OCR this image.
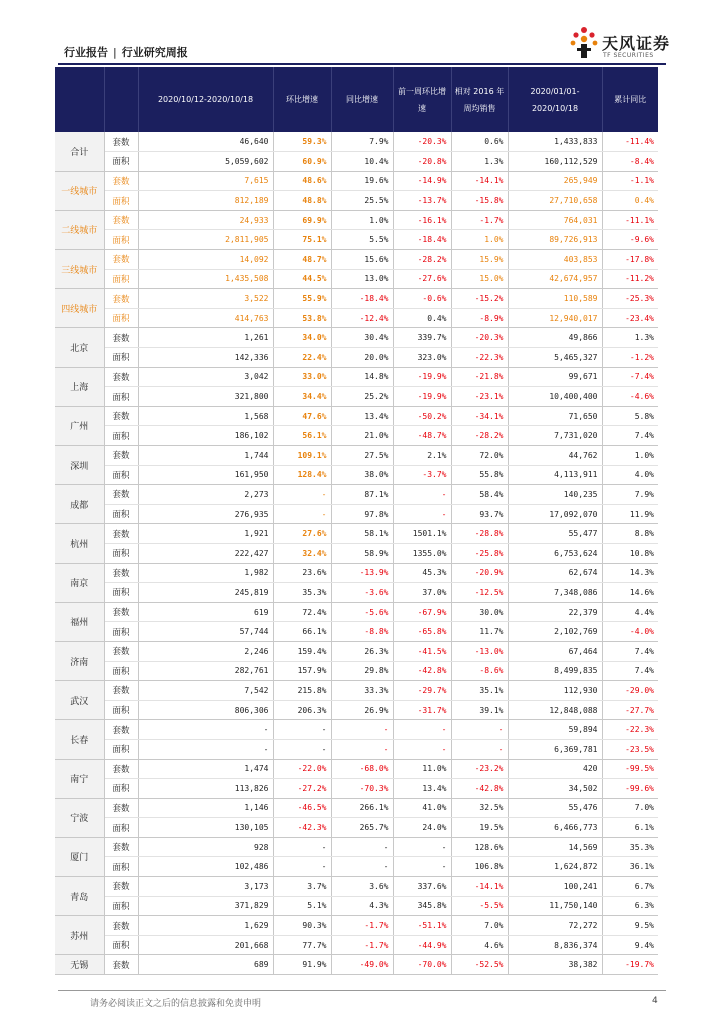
行业报告 | 行业研究周报	天风证券
TF SECURITIES
		2020/10/12-2020/10/18	环比增速	同比增速	前一周环比增速	相对 2016 年周均销售	2020/01/01-2020/10/18	累计同比
合计	套数	46,640	59.3%	7.9%	-20.3%	0.6%	1,433,833	-11.4%
	面积	5,059,602	60.9%	10.4%	-20.8%	1.3%	160,112,529	-8.4%
一线城市	套数	7,615	48.6%	19.6%	-14.9%	-14.1%	265,949	-1.1%
	面积	812,189	48.8%	25.5%	-13.7%	-15.8%	27,710,658	0.4%
二线城市	套数	24,933	69.9%	1.0%	-16.1%	-1.7%	764,031	-11.1%
	面积	2,811,905	75.1%	5.5%	-18.4%	1.0%	89,726,913	-9.6%
三线城市	套数	14,092	48.7%	15.6%	-28.2%	15.9%	403,853	-17.8%
	面积	1,435,508	44.5%	13.0%	-27.6%	15.0%	42,674,957	-11.2%
四线城市	套数	3,522	55.9%	-18.4%	-0.6%	-15.2%	110,589	-25.3%
	面积	414,763	53.8%	-12.4%	0.4%	-8.9%	12,940,017	-23.4%
北京	套数	1,261	34.0%	30.4%	339.7%	-20.3%	49,866	1.3%
	面积	142,336	22.4%	20.0%	323.0%	-22.3%	5,465,327	-1.2%
上海	套数	3,042	33.0%	14.8%	-19.9%	-21.8%	99,671	-7.4%
	面积	321,800	34.4%	25.2%	-19.9%	-23.1%	10,400,400	-4.6%
广州	套数	1,568	47.6%	13.4%	-50.2%	-34.1%	71,650	5.8%
	面积	186,102	56.1%	21.0%	-48.7%	-28.2%	7,731,020	7.4%
深圳	套数	1,744	109.1%	27.5%	2.1%	72.0%	44,762	1.0%
	面积	161,950	128.4%	38.0%	-3.7%	55.8%	4,113,911	4.0%
成都	套数	2,273	-	87.1%	-	58.4%	140,235	7.9%
	面积	276,935	-	97.8%	-	93.7%	17,092,070	11.9%
杭州	套数	1,921	27.6%	58.1%	1501.1%	-28.8%	55,477	8.8%
	面积	222,427	32.4%	58.9%	1355.0%	-25.8%	6,753,624	10.8%
南京	套数	1,982	23.6%	-13.9%	45.3%	-20.9%	62,674	14.3%
	面积	245,819	35.3%	-3.6%	37.0%	-12.5%	7,348,086	14.6%
福州	套数	619	72.4%	-5.6%	-67.9%	30.0%	22,379	4.4%
	面积	57,744	66.1%	-8.8%	-65.8%	11.7%	2,102,769	-4.0%
济南	套数	2,246	159.4%	26.3%	-41.5%	-13.0%	67,464	7.4%
	面积	282,761	157.9%	29.8%	-42.8%	-8.6%	8,499,835	7.4%
武汉	套数	7,542	215.8%	33.3%	-29.7%	35.1%	112,930	-29.0%
	面积	806,306	206.3%	26.9%	-31.7%	39.1%	12,848,088	-27.7%
长春	套数	-	-	-	-	-	59,894	-22.3%
	面积	-	-	-	-	-	6,369,781	-23.5%
南宁	套数	1,474	-22.0%	-68.0%	11.0%	-23.2%	420	-99.5%
	面积	113,826	-27.2%	-70.3%	13.4%	-42.8%	34,502	-99.6%
宁波	套数	1,146	-46.5%	266.1%	41.0%	32.5%	55,476	7.0%
	面积	130,105	-42.3%	265.7%	24.0%	19.5%	6,466,773	6.1%
厦门	套数	928	-	-	-	128.6%	14,569	35.3%
	面积	102,486	-	-	-	106.8%	1,624,872	36.1%
青岛	套数	3,173	3.7%	3.6%	337.6%	-14.1%	100,241	6.7%
	面积	371,829	5.1%	4.3%	345.8%	-5.5%	11,750,140	6.3%
苏州	套数	1,629	90.3%	-1.7%	-51.1%	7.0%	72,272	9.5%
	面积	201,668	77.7%	-1.7%	-44.9%	4.6%	8,836,374	9.4%
无锡	套数	689	91.9%	-49.0%	-70.0%	-52.5%	38,382	-19.7%
请务必阅读正文之后的信息披露和免责申明	4
